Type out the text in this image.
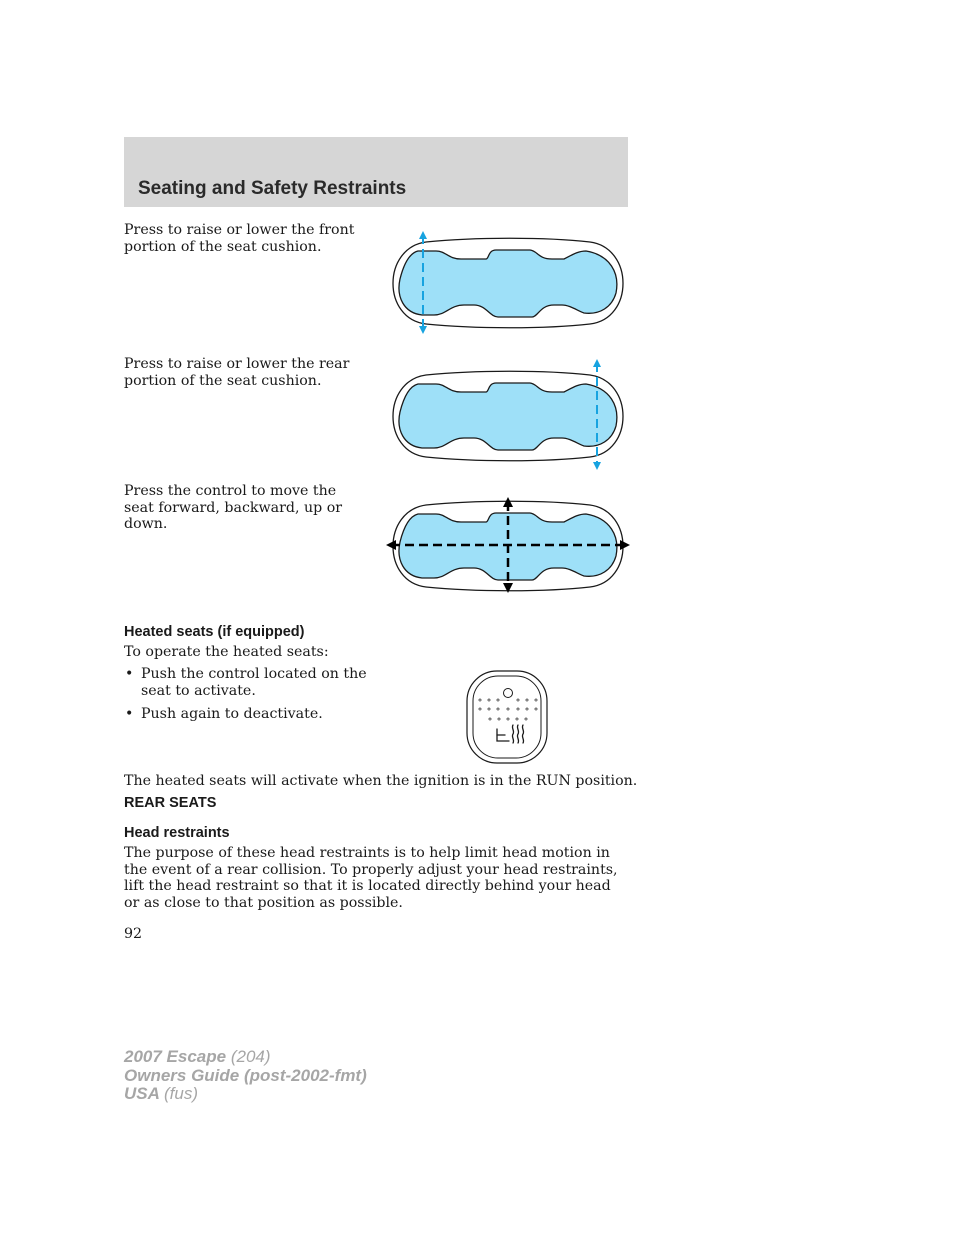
Seating and Safety Restraints
Press to raise or lower the front portion of the seat cushion.
Press to raise or lower the rear portion of the seat cushion.
Press the control to move the seat forward, backward, up or down.
Heated seats (if equipped)
To operate the heated seats:
• Push the control located on the seat to activate.
• Push again to deactivate.
The heated seats will activate when the ignition is in the RUN position.
REAR SEATS
Head restraints
The purpose of these head restraints is to help limit head motion in the event of a rear collision. To properly adjust your head restraints, lift the head restraint so that it is located directly behind your head or as close to that position as possible.
92
2007 Escape (204)
Owners Guide (post-2002-fmt)
USA (fus)
